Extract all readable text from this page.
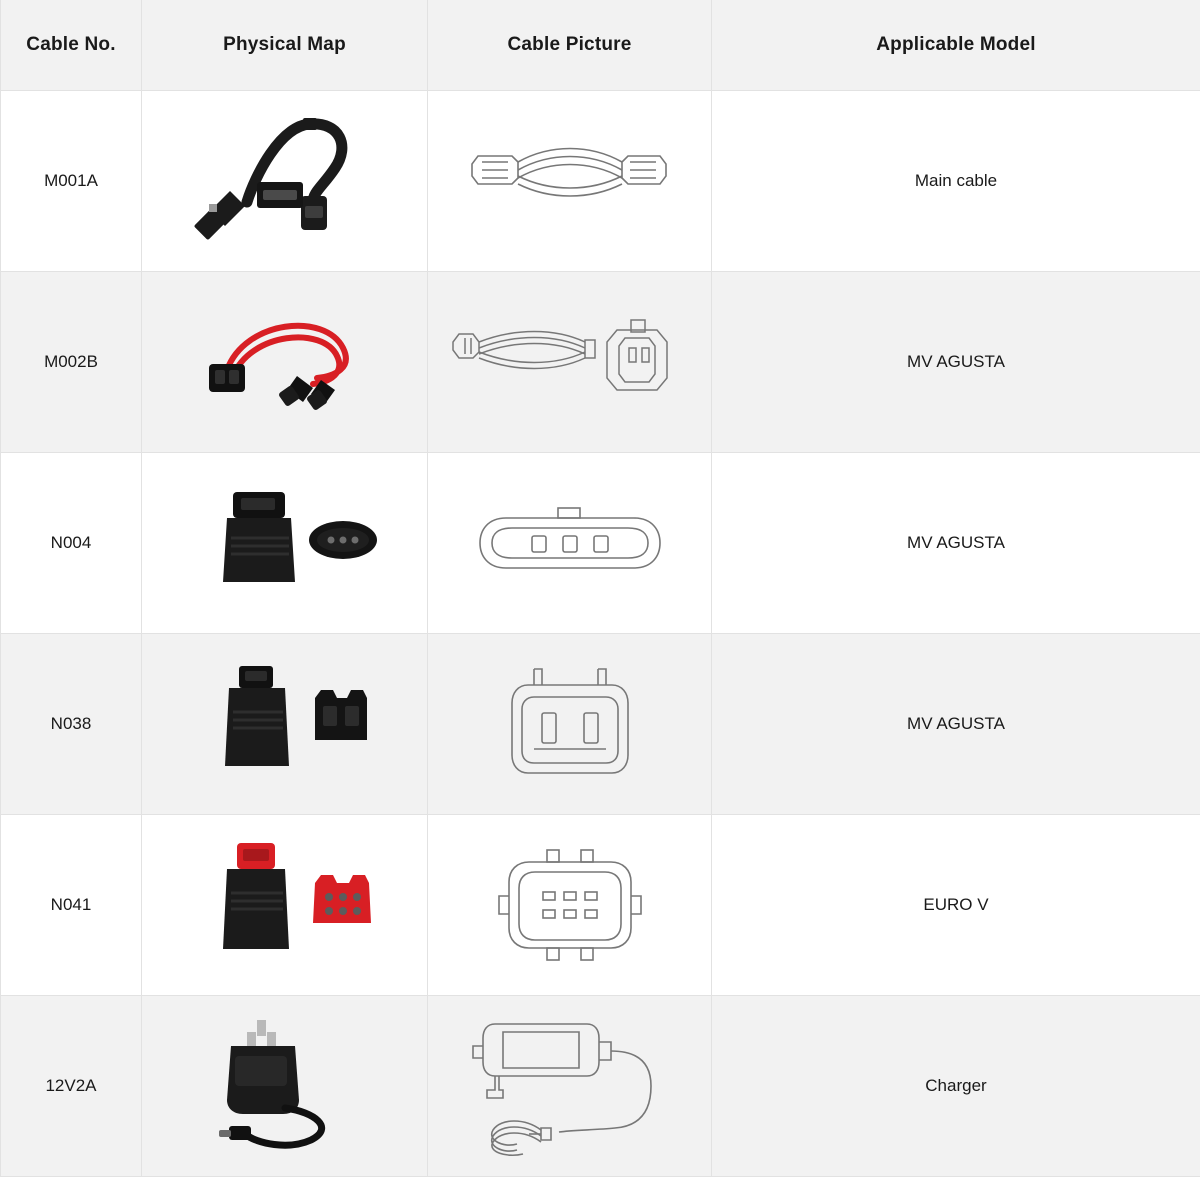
Cable No.	Physical Map	Cable Picture	Applicable Model

M001A			Main cable

M002B			MV AGUSTA

N004			MV AGUSTA

N038			MV AGUSTA

N041			EURO V

12V2A			Charger
